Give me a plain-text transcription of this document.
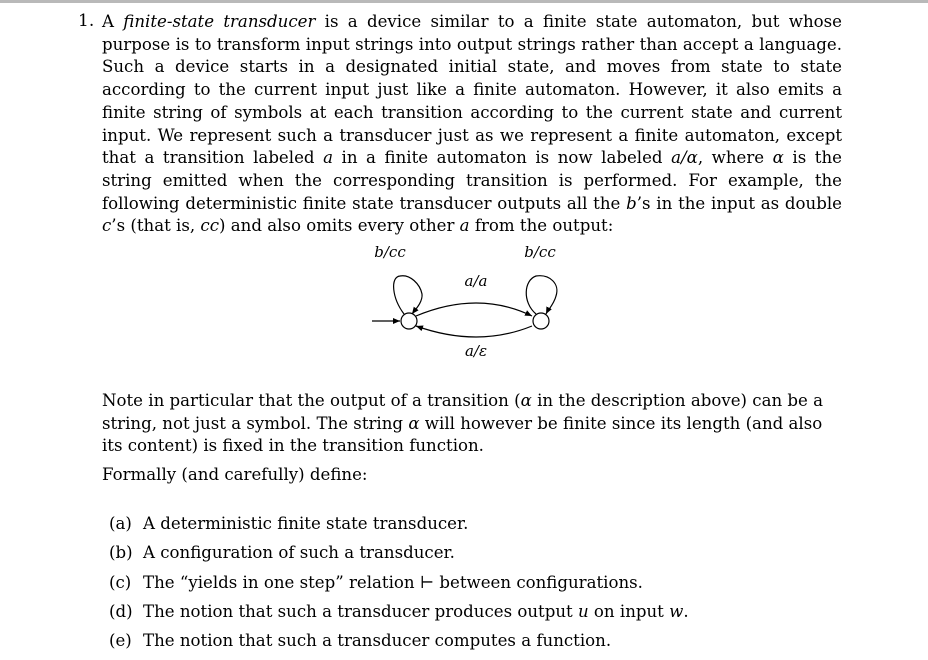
1. A finite-state transducer is a device similar to a finite state automaton, but whose purpose is to transform input strings into output strings rather than accept a language. Such a device starts in a designated initial state, and moves from state to state according to the current input just like a finite automaton. However, it also emits a finite string of symbols at each transition according to the current state and current input. We represent such a transducer just as we represent a finite automaton, except that a transition labeled a in a finite automaton is now labeled a/α, where α is the string emitted when the corresponding transition is performed. For example, the following deterministic finite state transducer outputs all the b’s in the input as double c’s (that is, cc) and also omits every other a from the output:

b/cc	b/cc
a/a
a/ε

Note in particular that the output of a transition (α in the description above) can be a string, not just a symbol. The string α will however be finite since its length (and also its content) is fixed in the transition function.

Formally (and carefully) define:

(a) A deterministic finite state transducer.
(b) A configuration of such a transducer.
(c) The “yields in one step” relation ⊢ between configurations.
(d) The notion that such a transducer produces output u on input w.
(e) The notion that such a transducer computes a function.
